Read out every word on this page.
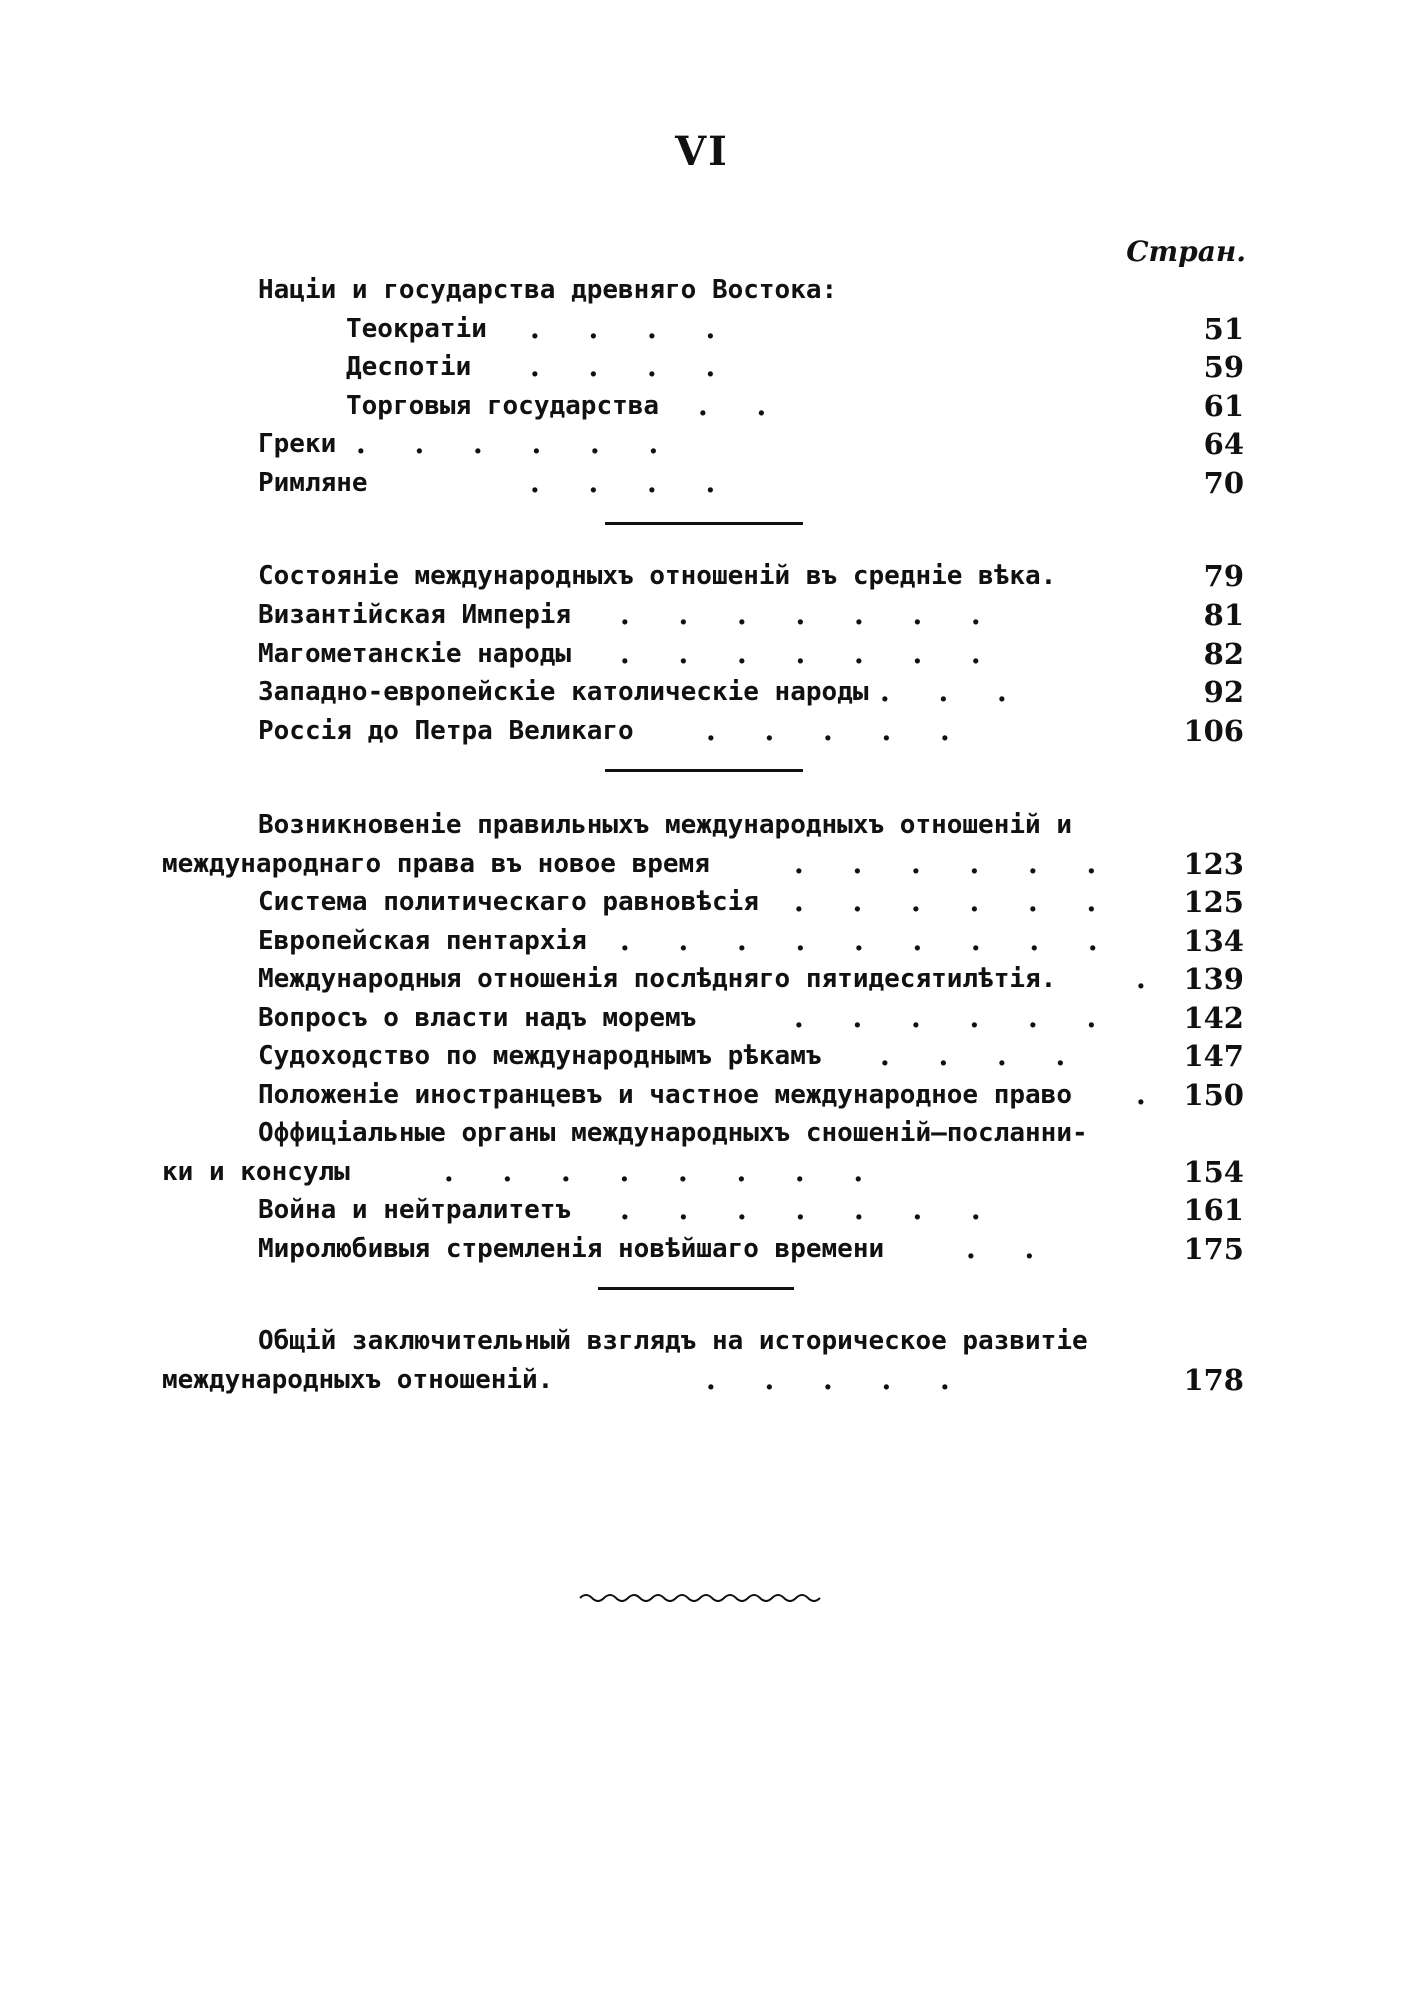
VI
Стран.
Націи и государства древняго Востока:
Теократіи .     .     .     .	51
Деспотіи .     .     .     .	59
Торговыя государства .     .	61
Греки .     .     .     .     .     .	64
Римляне	.     .     .     .	70
Состояніе международныхъ отношеній въ средніе вѣка.	79
Византійская Имперія .     .     .     .     .     .     .	81
Магометанскіе народы .     .     .     .     .     .     .	82
Западно-европейскіе католическіе народы .     .     .	92
Россія до Петра Великаго	.     .     .     .     .	106
Возникновеніе правильныхъ международныхъ отношеній и
международнаго права въ новое время	.     .     .     .     .     .	123
Система политическаго равновѣсія .     .     .     .     .     .	125
Европейская пентархія .     .     .     .     .     .     .     .     .	134
Международныя отношенія послѣдняго пятидесятилѣтія.	. 139
Вопросъ о власти надъ моремъ	.     .     .     .     .     .	142
Судоходство по международнымъ рѣкамъ .     .     .     .	147
Положеніе иностранцевъ и частное международное право . 150
Оффиціальные органы международныхъ сношеній—посланни-
ки и консулы	.     .     .     .     .     .     .     .	154
Война и нейтралитетъ .     .     .     .     .     .     .	161
Миролюбивыя стремленія новѣйшаго времени	.     .	175
Общій заключительный взглядъ на историческое развитіе
международныхъ отношеній.	.     .     .     .     .	178
